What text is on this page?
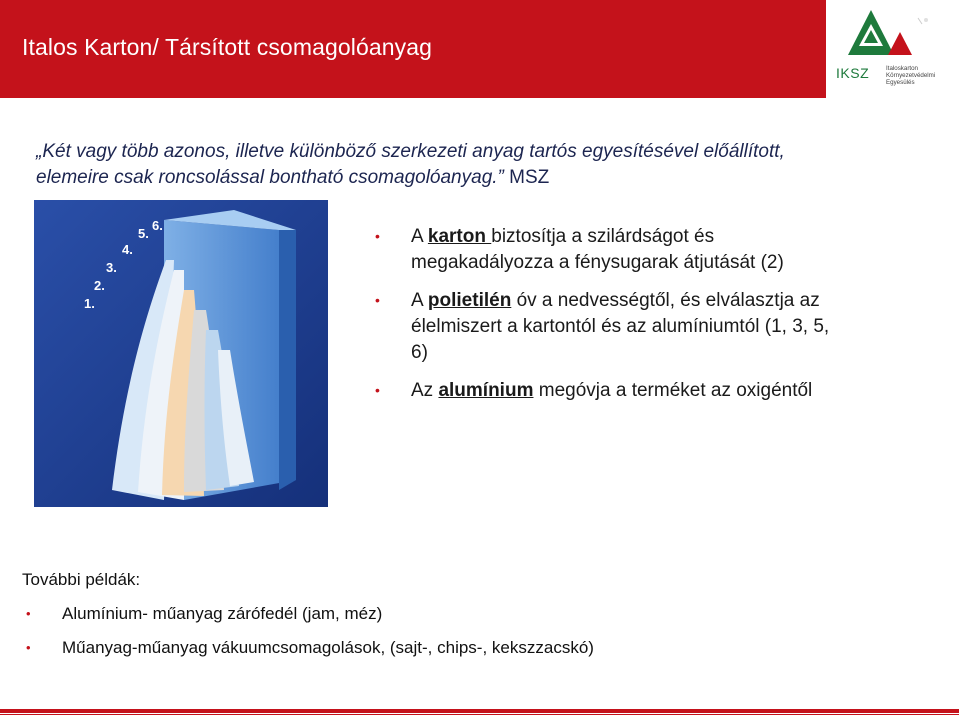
Italos Karton/ Társított csomagolóanyag
IKSZ	Italoskarton Környezetvédelmi Egyesülés
„Két vagy több azonos, illetve különböző szerkezeti anyag tartós egyesítésével előállított, elemeire csak roncsolással bontható csomagolóanyag.” MSZ
1.
2.
3.
4.
5.
6.
• A karton biztosítja a szilárdságot és megakadályozza a fénysugarak átjutását (2)
• A polietilén óv a nedvességtől, és elválasztja az élelmiszert a kartontól és az alumíniumtól (1, 3, 5, 6)
• Az alumínium megóvja a terméket az oxigéntől
További példák:
• Alumínium- műanyag zárófedél (jam, méz)
• Műanyag-műanyag vákuumcsomagolások, (sajt-, chips-, kekszzacskó)
